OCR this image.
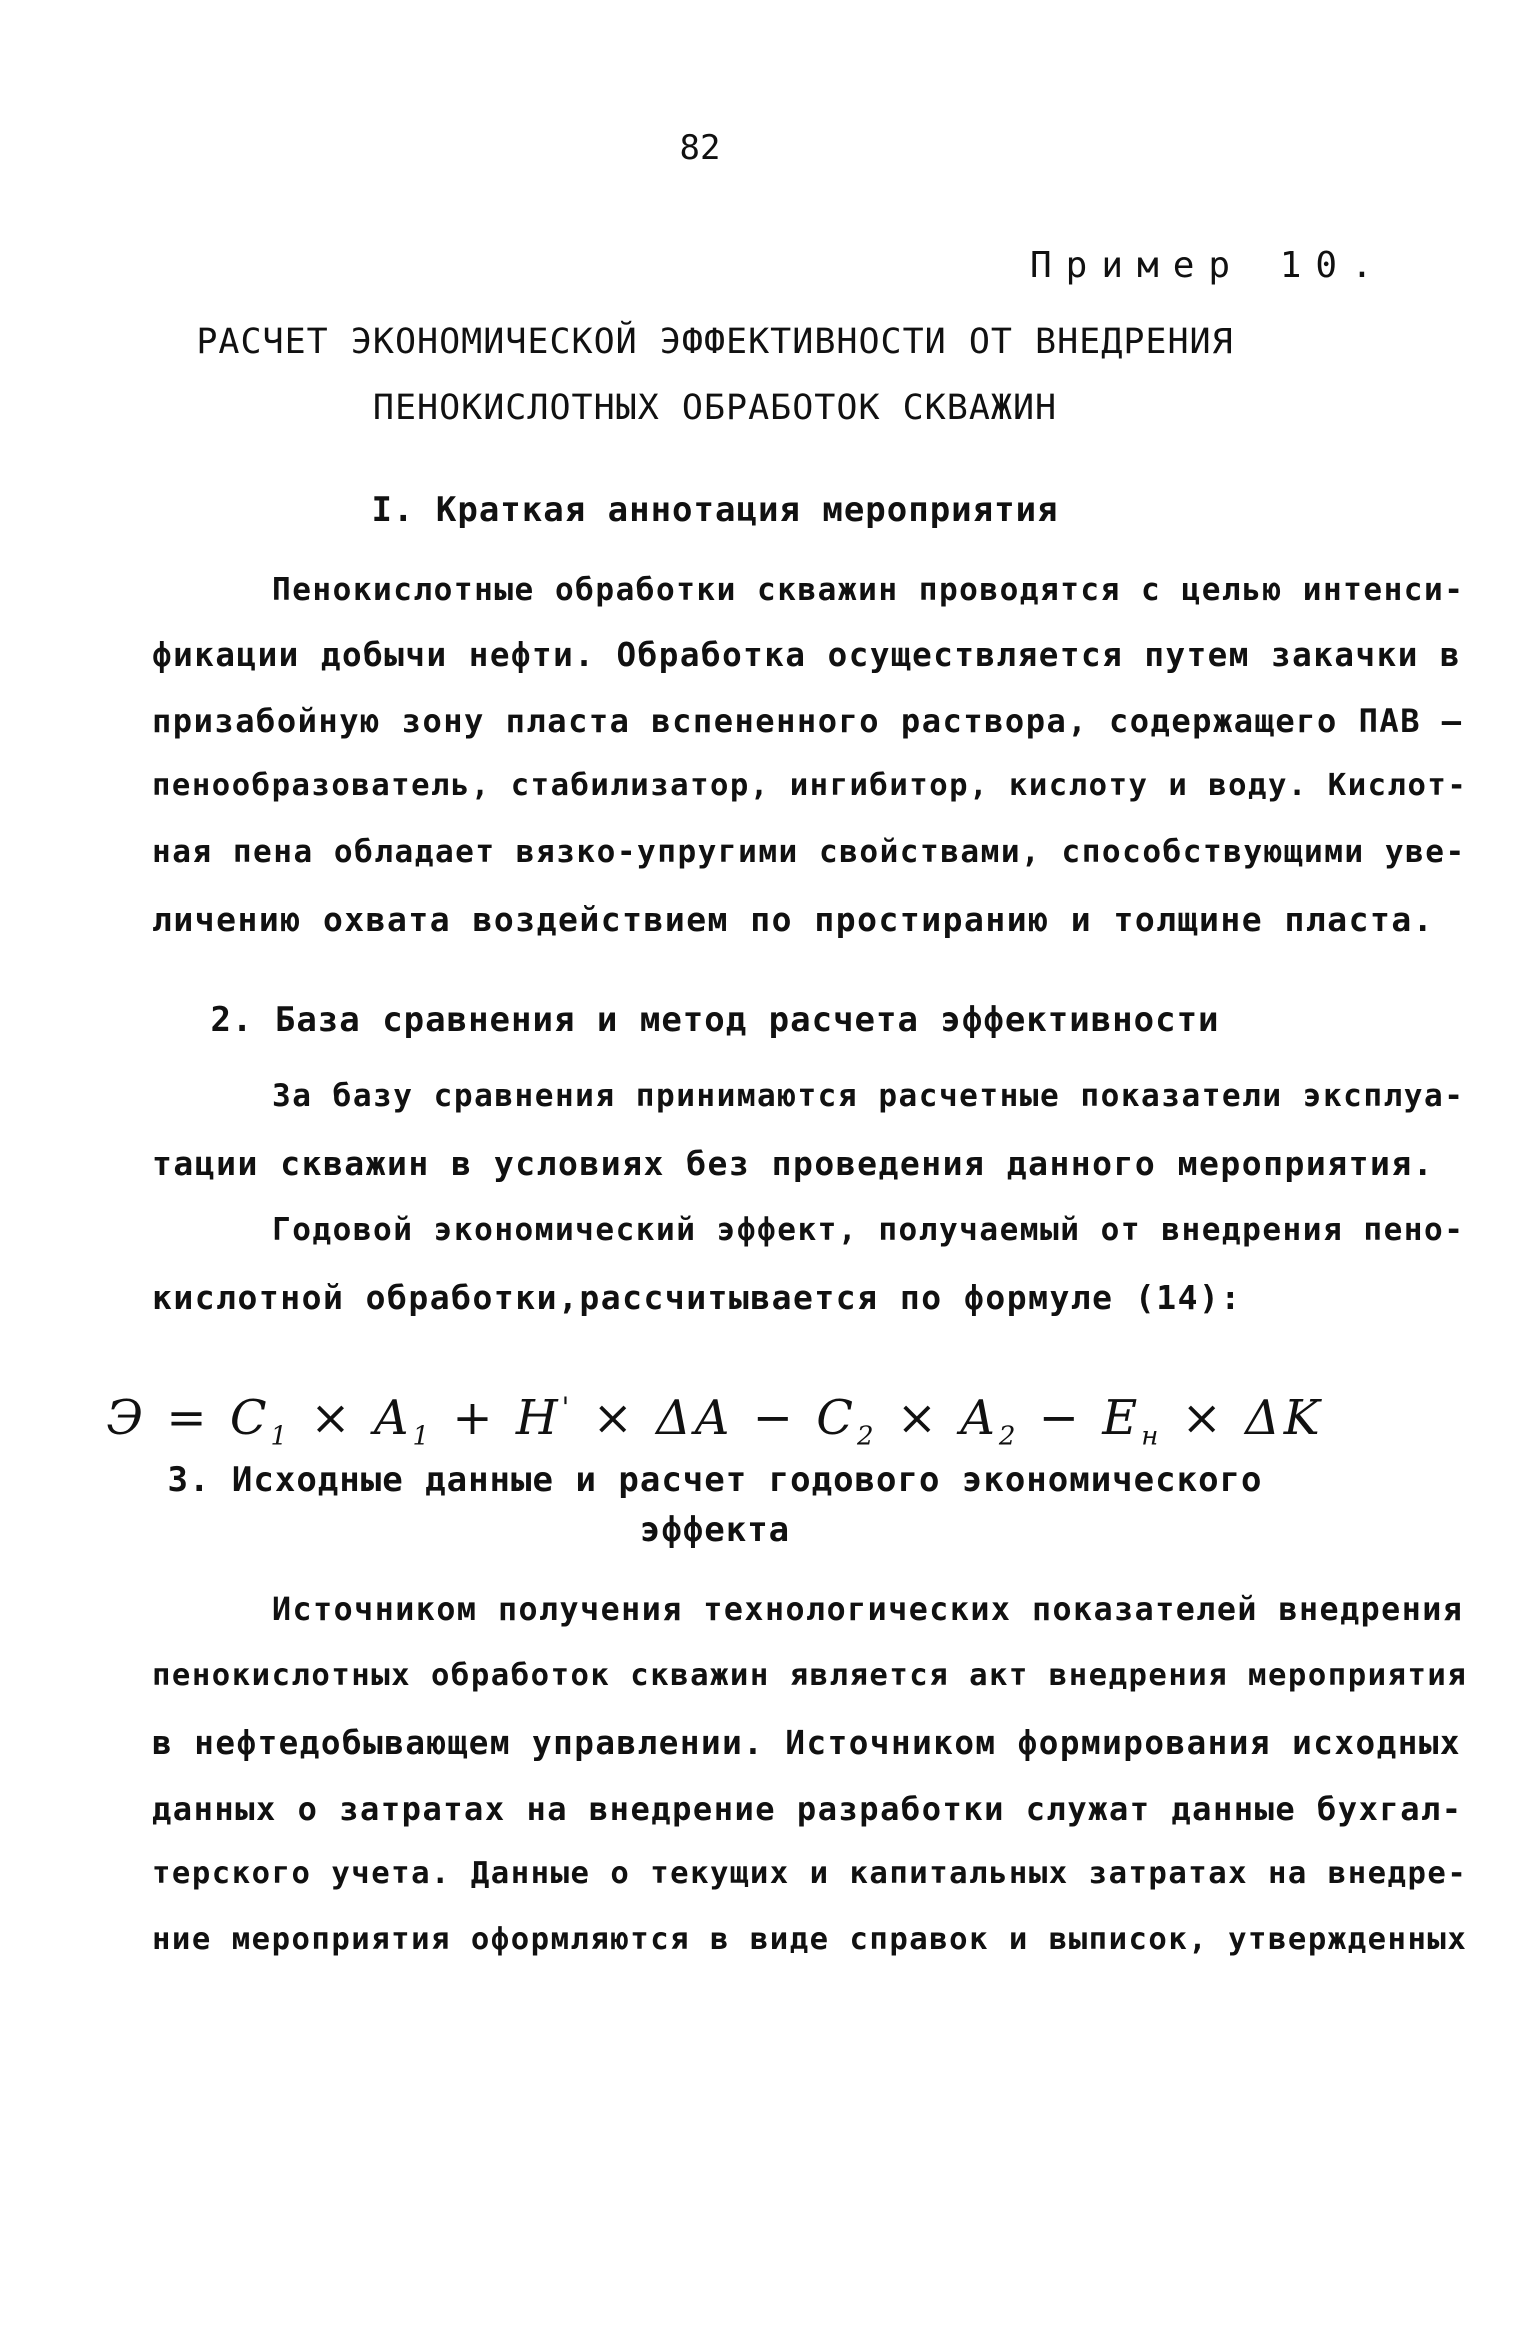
82
Пример 10.
РАСЧЕТ ЭКОНОМИЧЕСКОЙ ЭФФЕКТИВНОСТИ ОТ ВНЕДРЕНИЯ
ПЕНОКИСЛОТНЫХ ОБРАБОТОК СКВАЖИН
I. Краткая аннотация мероприятия
Пенокислотные обработки скважин проводятся с целью интенси-
фикации добычи нефти. Обработка осуществляется путем закачки в
призабойную зону пласта вспененного раствора, содержащего ПАВ –
пенообразователь, стабилизатор, ингибитор, кислоту и воду. Кислот-
ная пена обладает вязко-упругими свойствами, способствующими уве-
личению охвата воздействием по простиранию и толщине пласта.
2. База сравнения и метод расчета эффективности
За базу сравнения принимаются расчетные показатели эксплуа-
тации скважин в условиях без проведения данного мероприятия.
Годовой экономический эффект, получаемый от внедрения пено-
кислотной обработки,рассчитывается по формуле (14):
$Э = C_1 \times A_1 + H' \times \Delta A - C_2 \times A_2 - E_н \times \Delta K$
3. Исходные данные и расчет годового экономического
эффекта
Источником получения технологических показателей внедрения
пенокислотных обработок скважин является акт внедрения мероприятия
в нефтедобывающем управлении. Источником формирования исходных
данных о затратах на внедрение разработки служат данные бухгал-
терского учета. Данные о текущих и капитальных затратах на внедре-
ние мероприятия оформляются в виде справок и выписок, утвержденных
